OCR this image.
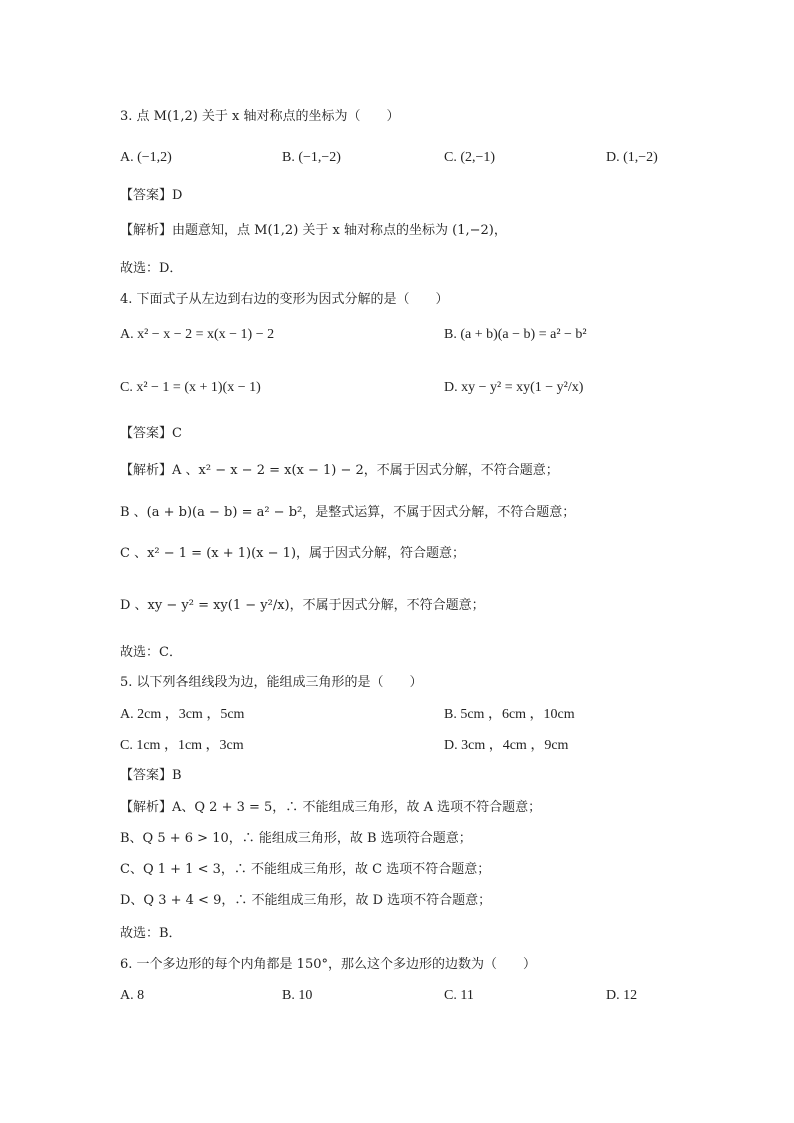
3. 点 M(1,2) 关于 x 轴对称点的坐标为（　　）
A. (−1,2)	B. (−1,−2)	C. (2,−1)	D. (1,−2)
【答案】D
【解析】由题意知，点 M(1,2) 关于 x 轴对称点的坐标为 (1,−2)，
故选：D．
4. 下面式子从左边到右边的变形为因式分解的是（　　）
A. x² − x − 2 = x(x − 1) − 2	B. (a + b)(a − b) = a² − b²
C. x² − 1 = (x + 1)(x − 1)	D. xy − y² = xy(1 − y²/x)
【答案】C
【解析】A 、x² − x − 2 = x(x − 1) − 2，不属于因式分解，不符合题意；
B 、(a + b)(a − b) = a² − b²，是整式运算，不属于因式分解，不符合题意；
C 、x² − 1 = (x + 1)(x − 1)，属于因式分解，符合题意；
D 、xy − y² = xy(1 − y²/x)，不属于因式分解，不符合题意；
故选：C．
5. 以下列各组线段为边，能组成三角形的是（　　）
A. 2cm ，3cm ，5cm	B. 5cm ，6cm ，10cm
C. 1cm ，1cm ，3cm	D. 3cm ，4cm ，9cm
【答案】B
【解析】A、Q 2 + 3 = 5，∴ 不能组成三角形，故 A 选项不符合题意；
B、Q 5 + 6 > 10，∴ 能组成三角形，故 B 选项符合题意；
C、Q 1 + 1 < 3，∴ 不能组成三角形，故 C 选项不符合题意；
D、Q 3 + 4 < 9，∴ 不能组成三角形，故 D 选项不符合题意；
故选：B．
6. 一个多边形的每个内角都是 150°，那么这个多边形的边数为（　　）
A. 8	B. 10	C. 11	D. 12
